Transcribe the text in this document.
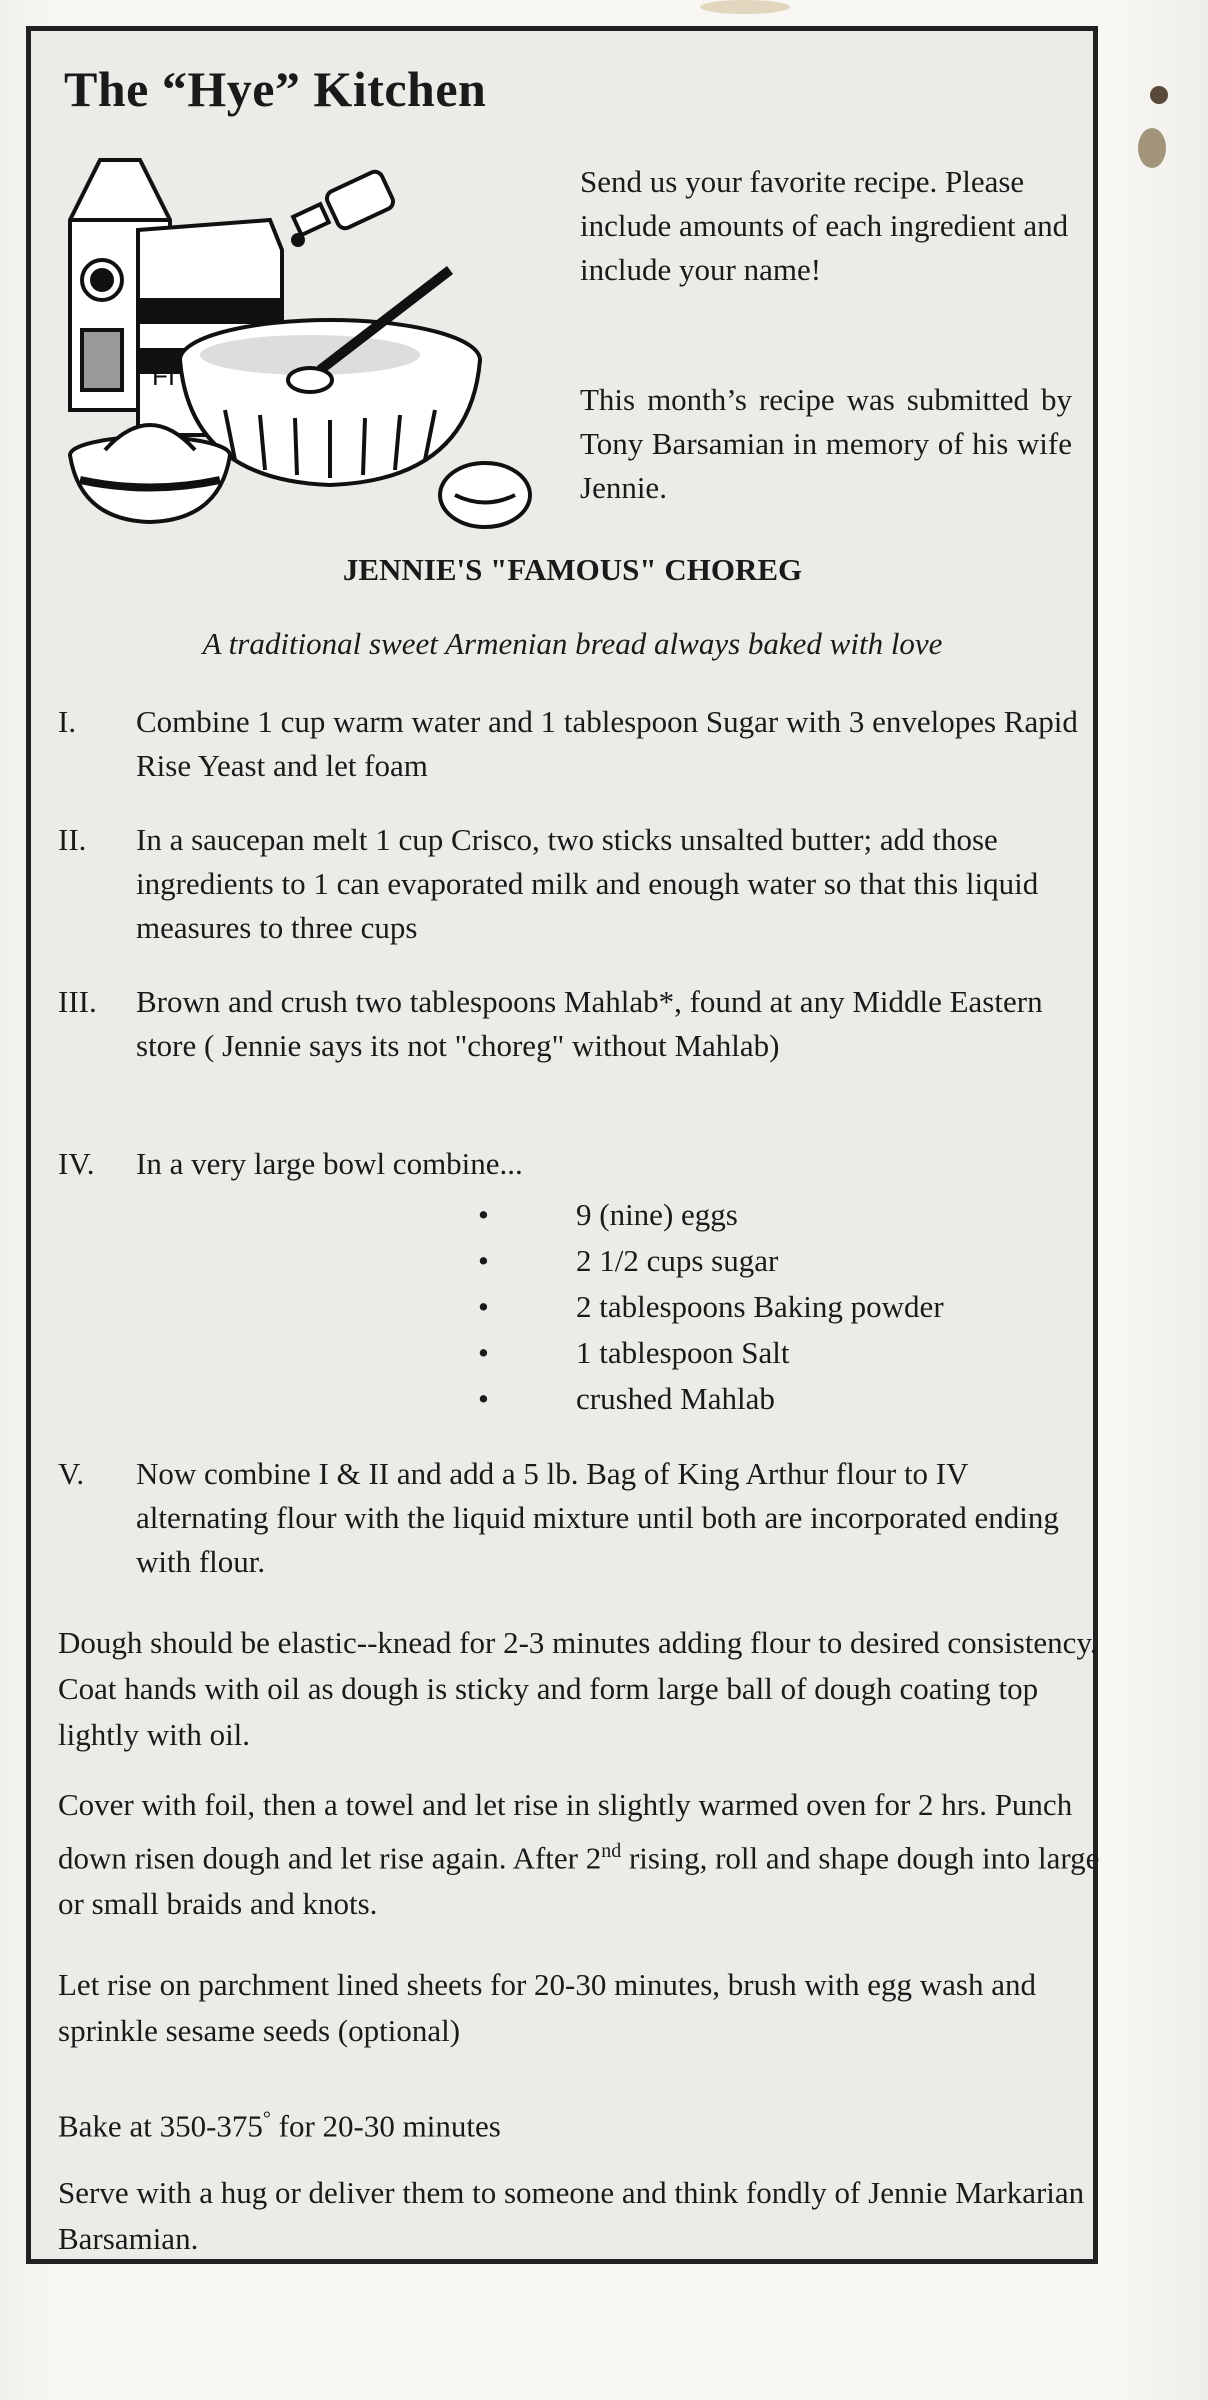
The “Hye” Kitchen
FI

Send us your favorite recipe. Please include amounts of each ingredient and include your name!

This month’s recipe was submitted by Tony Barsamian in memory of his wife Jennie.

JENNIE'S "FAMOUS" CHOREG
A traditional sweet Armenian bread always baked with love
I. Combine 1 cup warm water and 1 tablespoon Sugar with 3 envelopes Rapid Rise Yeast and let foam
II. In a saucepan melt 1 cup Crisco, two sticks unsalted butter; add those ingredients to 1 can evaporated milk and enough water so that this liquid measures to three cups
III. Brown and crush two tablespoons Mahlab*, found at any Middle Eastern store ( Jennie says its not "choreg" without Mahlab)
IV. In a very large bowl combine...
•	9 (nine) eggs
•	2 1/2 cups sugar
•	2 tablespoons Baking powder
•	1 tablespoon Salt
•	crushed Mahlab
V. Now combine I & II and add a 5 lb. Bag of King Arthur flour to IV alternating flour with the liquid mixture until both are incorporated ending with flour.

Dough should be elastic--knead for 2-3 minutes adding flour to desired consistency. Coat hands with oil as dough is sticky and form large ball of dough coating top lightly with oil.

Cover with foil, then a towel and let rise in slightly warmed oven for 2 hrs. Punch down risen dough and let rise again. After 2nd rising, roll and shape dough into large or small braids and knots.

Let rise on parchment lined sheets for 20-30 minutes, brush with egg wash and sprinkle sesame seeds (optional)

Bake at 350-375° for 20-30 minutes

Serve with a hug or deliver them to someone and think fondly of Jennie Markarian Barsamian.
